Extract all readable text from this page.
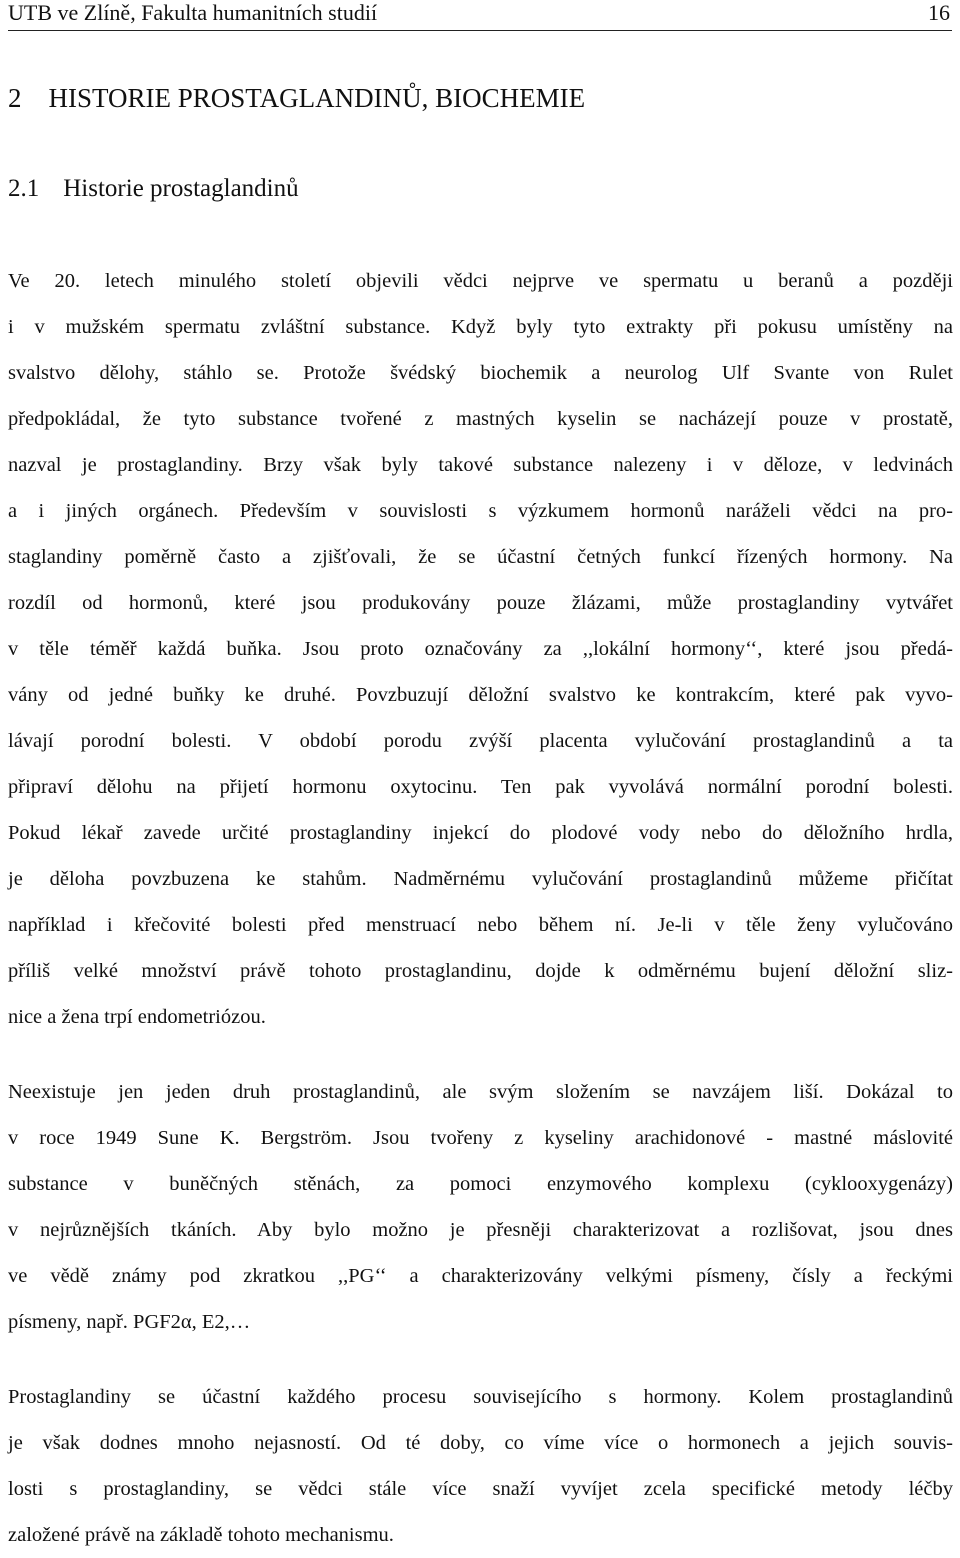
UTB ve Zlíně, Fakulta humanitních studií	16
2 HISTORIE PROSTAGLANDINŮ, BIOCHEMIE
2.1 Historie prostaglandinů
Ve 20. letech minulého století objevili vědci nejprve ve spermatu u beranů a později
i v mužském spermatu zvláštní substance. Když byly tyto extrakty při pokusu umístěny na
svalstvo dělohy, stáhlo se. Protože švédský biochemik a neurolog Ulf Svante von Rulet
předpokládal, že tyto substance tvořené z mastných kyselin se nacházejí pouze v prostatě,
nazval je prostaglandiny. Brzy však byly takové substance nalezeny i v děloze, v ledvinách
a i jiných orgánech. Především v souvislosti s výzkumem hormonů naráželi vědci na pro-
staglandiny poměrně často a zjišťovali, že se účastní četných funkcí řízených hormony. Na
rozdíl od hormonů, které jsou produkovány pouze žlázami, může prostaglandiny vytvářet
v těle téměř každá buňka. Jsou proto označovány za ,,lokální hormony‘‘, které jsou předá-
vány od jedné buňky ke druhé. Povzbuzují děložní svalstvo ke kontrakcím, které pak vyvo-
lávají porodní bolesti. V období porodu zvýší placenta vylučování prostaglandinů a ta
připraví dělohu na přijetí hormonu oxytocinu. Ten pak vyvolává normální porodní bolesti.
Pokud lékař zavede určité prostaglandiny injekcí do plodové vody nebo do děložního hrdla,
je děloha povzbuzena ke stahům. Nadměrnému vylučování prostaglandinů můžeme přičítat
například i křečovité bolesti před menstruací nebo během ní. Je-li v těle ženy vylučováno
příliš velké množství právě tohoto prostaglandinu, dojde k odměrnému bujení děložní sliz-
nice a žena trpí endometriózou.
Neexistuje jen jeden druh prostaglandinů, ale svým složením se navzájem liší. Dokázal to
v roce 1949 Sune K. Bergström. Jsou tvořeny z kyseliny arachidonové - mastné máslovité
substance v buněčných stěnách, za pomoci enzymového komplexu (cyklooxygenázy)
v nejrůznějších tkáních. Aby bylo možno je přesněji charakterizovat a rozlišovat, jsou dnes
ve vědě známy pod zkratkou ,,PG‘‘ a charakterizovány velkými písmeny, čísly a řeckými
písmeny, např. PGF2α, E2,…
Prostaglandiny se účastní každého procesu souvisejícího s hormony. Kolem prostaglandinů
je však dodnes mnoho nejasností. Od té doby, co víme více o hormonech a jejich souvis-
losti s prostaglandiny, se vědci stále více snaží vyvíjet zcela specifické metody léčby
založené právě na základě tohoto mechanismu.
